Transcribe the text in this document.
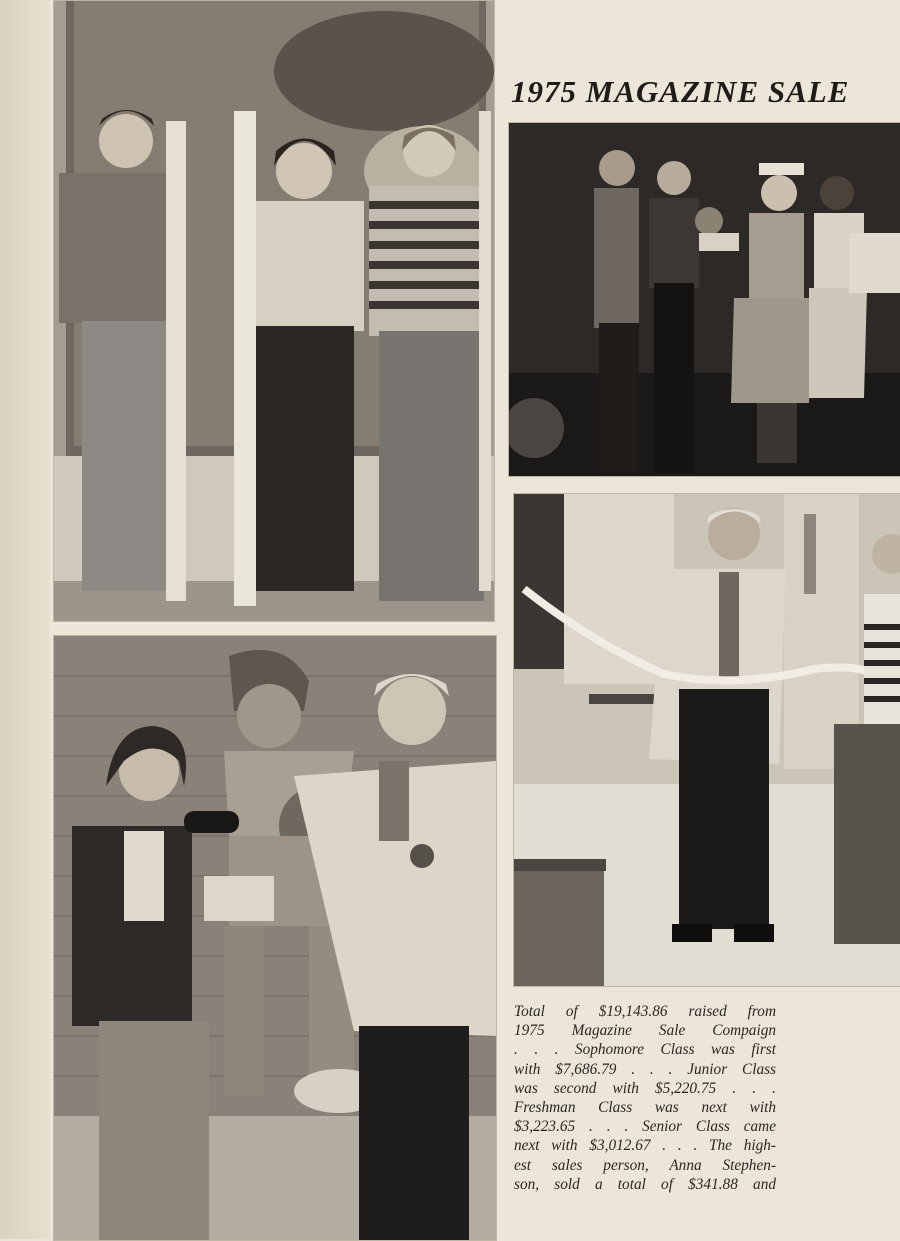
1975 MAGAZINE SALE
Total of $19,143.86 raised from
1975 Magazine Sale Compaign
. . . Sophomore Class was first
with $7,686.79 . . . Junior Class
was second with $5,220.75 . . .
Freshman Class was next with
$3,223.65 . . . Senior Class came
next with $3,012.67 . . . The high-
est sales person, Anna Stephen-
son, sold a total of $341.88 and
